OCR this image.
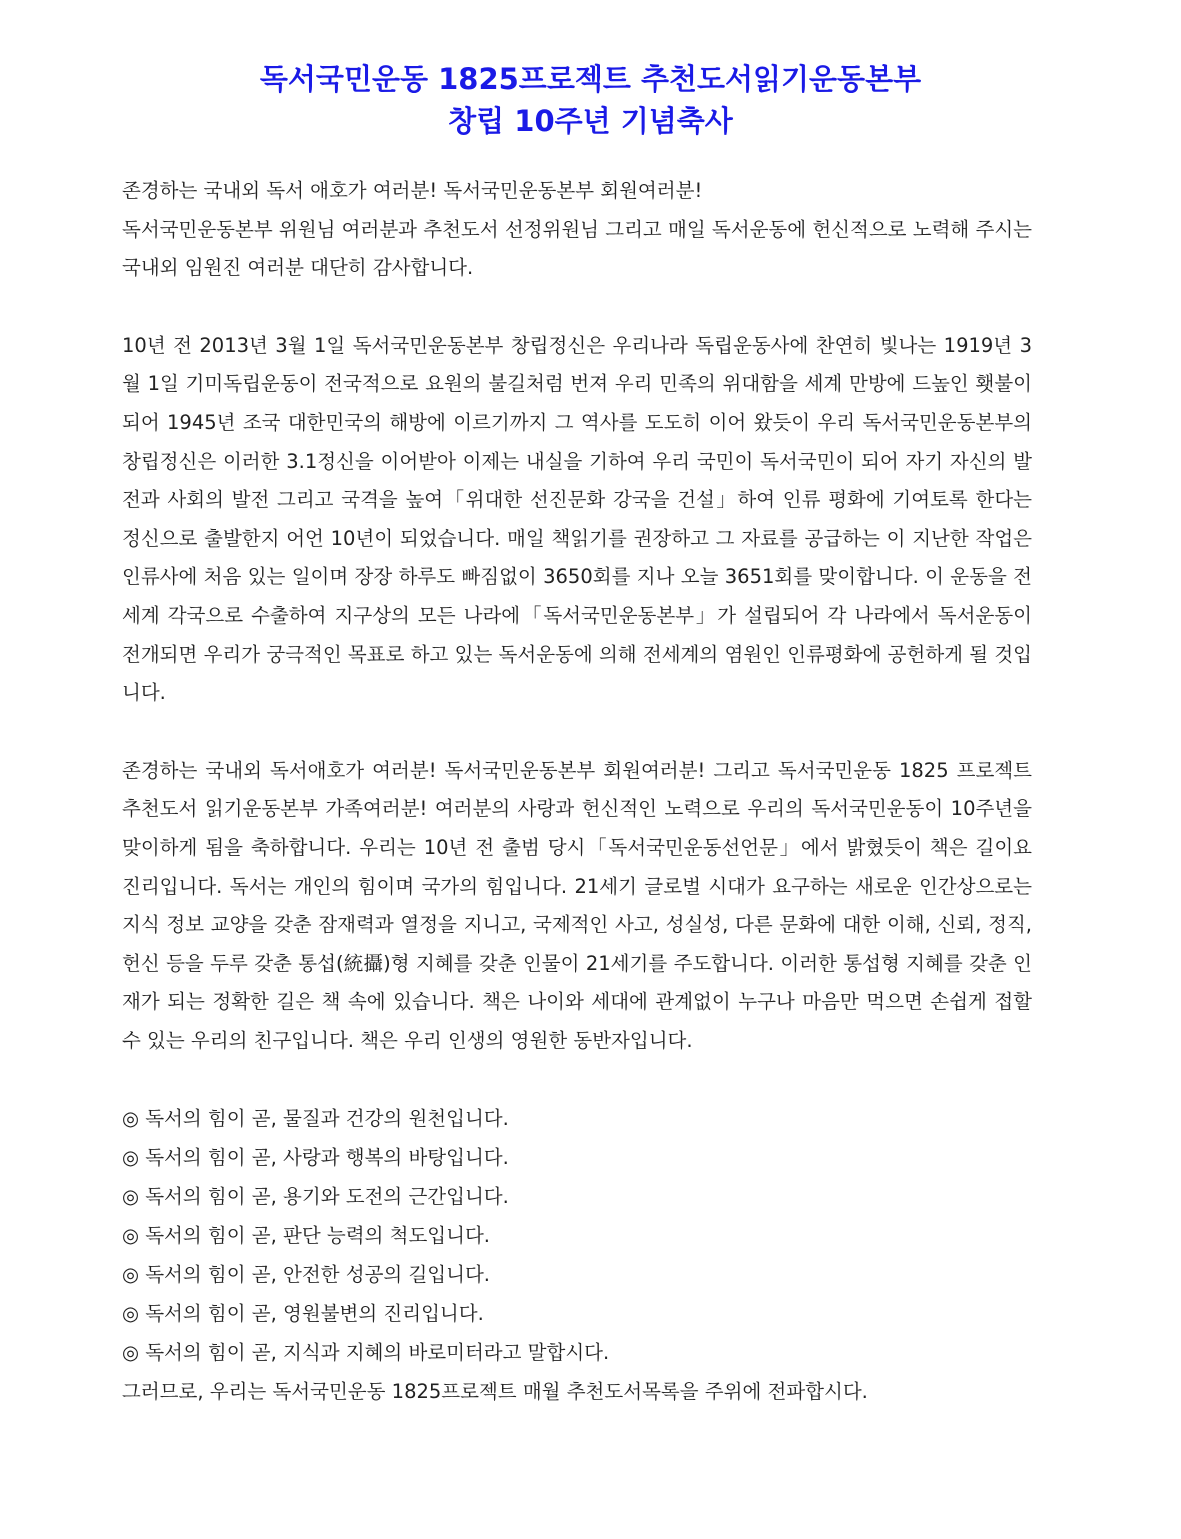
독서국민운동 1825프로젝트 추천도서읽기운동본부
창립 10주년 기념축사

존경하는 국내외 독서 애호가 여러분! 독서국민운동본부 회원여러분!

독서국민운동본부 위원님 여러분과 추천도서 선정위원님 그리고 매일 독서운동에 헌신적으로 노력해 주시는 국내외 임원진 여러분 대단히 감사합니다.

10년 전 2013년 3월 1일 독서국민운동본부 창립정신은 우리나라 독립운동사에 찬연히 빛나는 1919년 3월 1일 기미독립운동이 전국적으로 요원의 불길처럼 번져 우리 민족의 위대함을 세계 만방에 드높인 횃불이 되어 1945년 조국 대한민국의 해방에 이르기까지 그 역사를 도도히 이어 왔듯이 우리 독서국민운동본부의 창립정신은 이러한 3.1정신을 이어받아 이제는 내실을 기하여 우리 국민이 독서국민이 되어 자기 자신의 발전과 사회의 발전 그리고 국격을 높여「위대한 선진문화 강국을 건설」하여 인류 평화에 기여토록 한다는 정신으로 출발한지 어언 10년이 되었습니다. 매일 책읽기를 권장하고 그 자료를 공급하는 이 지난한 작업은 인류사에 처음 있는 일이며 장장 하루도 빠짐없이 3650회를 지나 오늘 3651회를 맞이합니다. 이 운동을 전 세계 각국으로 수출하여 지구상의 모든 나라에「독서국민운동본부」가 설립되어 각 나라에서 독서운동이 전개되면 우리가 궁극적인 목표로 하고 있는 독서운동에 의해 전세계의 염원인 인류평화에 공헌하게 될 것입니다.

존경하는 국내외 독서애호가 여러분! 독서국민운동본부 회원여러분! 그리고 독서국민운동 1825 프로젝트 추천도서 읽기운동본부 가족여러분! 여러분의 사랑과 헌신적인 노력으로 우리의 독서국민운동이 10주년을 맞이하게 됨을 축하합니다. 우리는 10년 전 출범 당시「독서국민운동선언문」에서 밝혔듯이 책은 길이요 진리입니다. 독서는 개인의 힘이며 국가의 힘입니다. 21세기 글로벌 시대가 요구하는 새로운 인간상으로는 지식 정보 교양을 갖춘 잠재력과 열정을 지니고, 국제적인 사고, 성실성, 다른 문화에 대한 이해, 신뢰, 정직, 헌신 등을 두루 갖춘 통섭(統攝)형 지혜를 갖춘 인물이 21세기를 주도합니다. 이러한 통섭형 지혜를 갖춘 인재가 되는 정확한 길은 책 속에 있습니다. 책은 나이와 세대에 관계없이 누구나 마음만 먹으면 손쉽게 접할 수 있는 우리의 친구입니다. 책은 우리 인생의 영원한 동반자입니다.

◎ 독서의 힘이 곧, 물질과 건강의 원천입니다.
◎ 독서의 힘이 곧, 사랑과 행복의 바탕입니다.
◎ 독서의 힘이 곧, 용기와 도전의 근간입니다.
◎ 독서의 힘이 곧, 판단 능력의 척도입니다.
◎ 독서의 힘이 곧, 안전한 성공의 길입니다.
◎ 독서의 힘이 곧, 영원불변의 진리입니다.
◎ 독서의 힘이 곧, 지식과 지혜의 바로미터라고 말합시다.

그러므로, 우리는 독서국민운동 1825프로젝트 매월 추천도서목록을 주위에 전파합시다.
